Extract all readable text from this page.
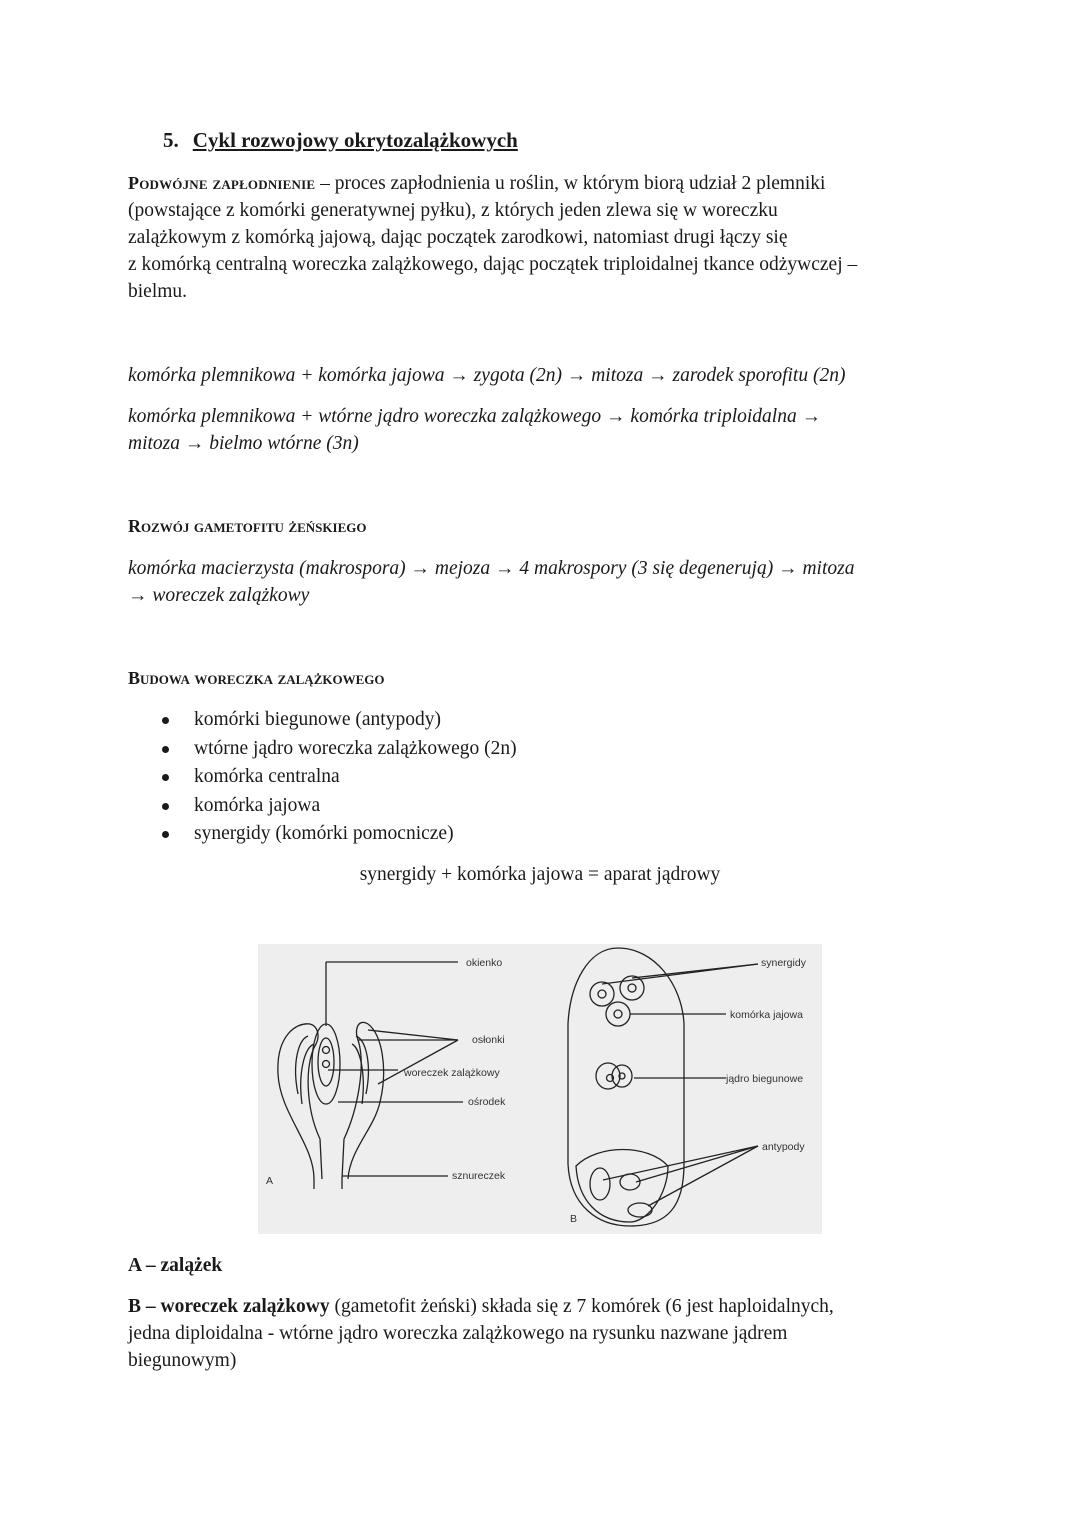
5. Cykl rozwojowy okrytozalążkowych
Podwójne zapłodnienie – proces zapłodnienia u roślin, w którym biorą udział 2 plemniki
(powstające z komórki generatywnej pyłku), z których jeden zlewa się w woreczku
zalążkowym z komórką jajową, dając początek zarodkowi, natomiast drugi łączy się
z komórką centralną woreczka zalążkowego, dając początek triploidalnej tkance odżywczej –
bielmu.
komórka plemnikowa + komórka jajowa → zygota (2n) → mitoza → zarodek sporofitu (2n)
komórka plemnikowa + wtórne jądro woreczka zalążkowego → komórka triploidalna →
mitoza → bielmo wtórne (3n)
Rozwój gametofitu żeńskiego
komórka macierzysta (makrospora) → mejoza → 4 makrospory (3 się degenerują) → mitoza
→ woreczek zalążkowy
Budowa woreczka zalążkowego
komórki biegunowe (antypody)
wtórne jądro woreczka zalążkowego (2n)
komórka centralna
komórka jajowa
synergidy (komórki pomocnicze)
synergidy + komórka jajowa = aparat jądrowy
okienko
osłonki
woreczek zalążkowy
ośrodek
sznureczek
A
synergidy
komórka jajowa
jądro biegunowe
antypody
B
A – zalążek
B – woreczek zalążkowy (gametofit żeński) składa się z 7 komórek (6 jest haploidalnych,
jedna diploidalna - wtórne jądro woreczka zalążkowego na rysunku nazwane jądrem
biegunowym)
